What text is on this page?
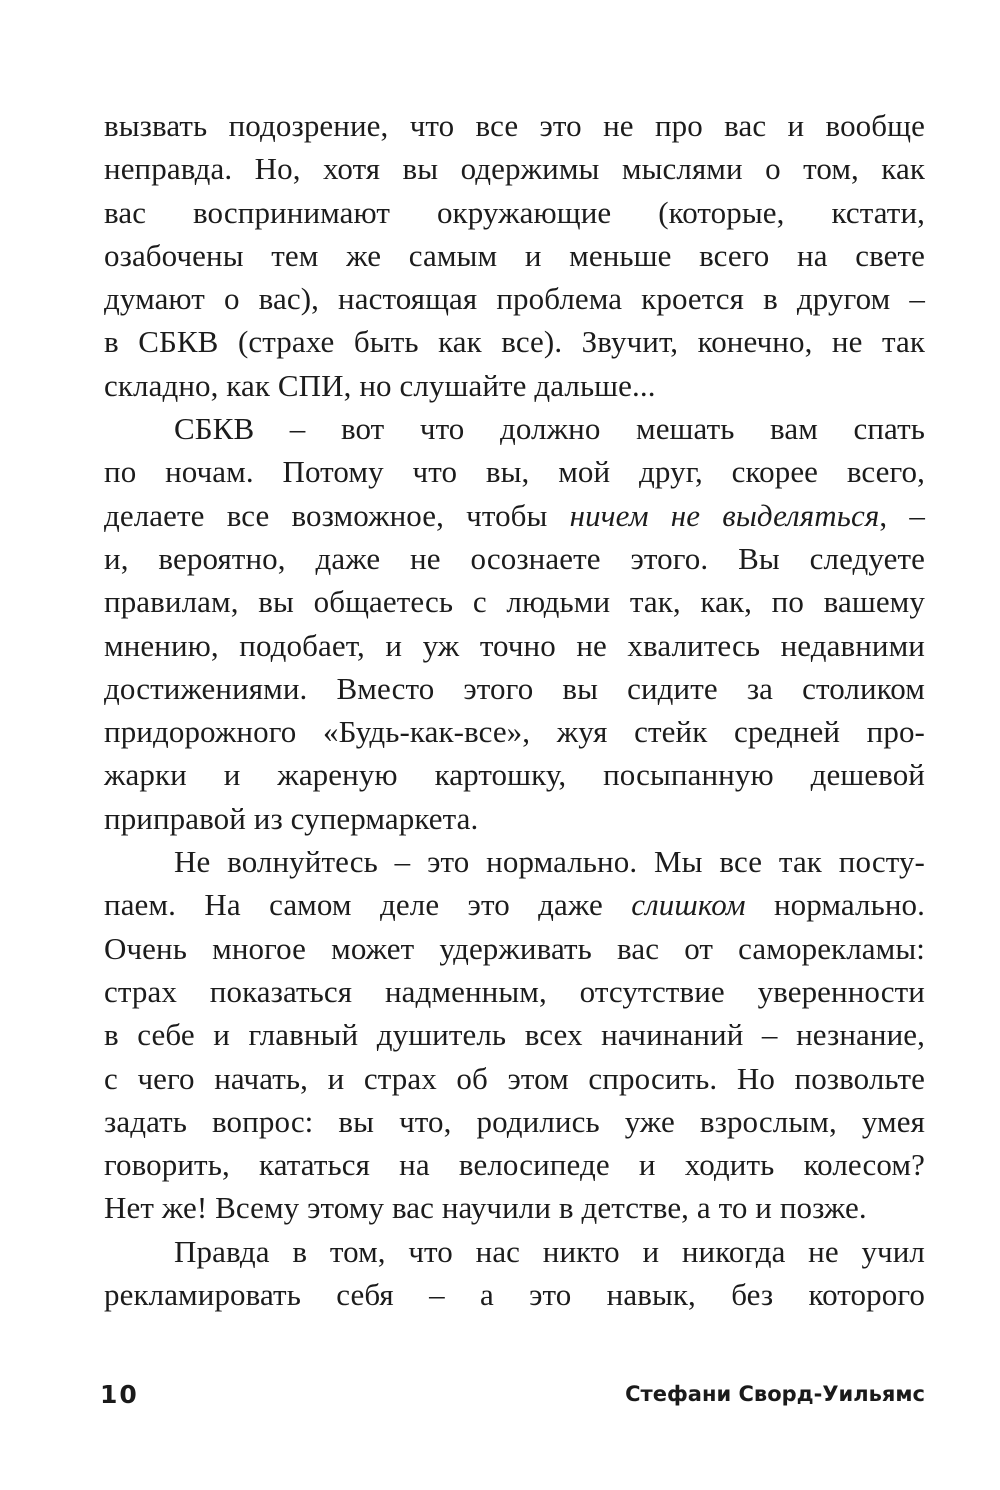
вызвать подозрение, что все это не про вас и вообще
неправда. Но, хотя вы одержимы мыслями о том, как
вас воспринимают окружающие (которые, кстати,
озабочены тем же самым и меньше всего на свете
думают о вас), настоящая проблема кроется в другом –
в СБКВ (страхе быть как все). Звучит, конечно, не так
складно, как СПИ, но слушайте дальше...
СБКВ – вот что должно мешать вам спать
по ночам. Потому что вы, мой друг, скорее всего,
делаете все возможное, чтобы ничем не выделяться, –
и, вероятно, даже не осознаете этого. Вы следуете
правилам, вы общаетесь с людьми так, как, по вашему
мнению, подобает, и уж точно не хвалитесь недавними
достижениями. Вместо этого вы сидите за столиком
придорожного «Будь-как-все», жуя стейк средней про-
жарки и жареную картошку, посыпанную дешевой
приправой из супермаркета.
Не волнуйтесь – это нормально. Мы все так посту-
паем. На самом деле это даже слишком нормально.
Очень многое может удерживать вас от саморекламы:
страх показаться надменным, отсутствие уверенности
в себе и главный душитель всех начинаний – незнание,
с чего начать, и страх об этом спросить. Но позвольте
задать вопрос: вы что, родились уже взрослым, умея
говорить, кататься на велосипеде и ходить колесом?
Нет же! Всему этому вас научили в детстве, а то и позже.
Правда в том, что нас никто и никогда не учил
рекламировать себя – а это навык, без которого
10	Стефани Сворд-Уильямс
